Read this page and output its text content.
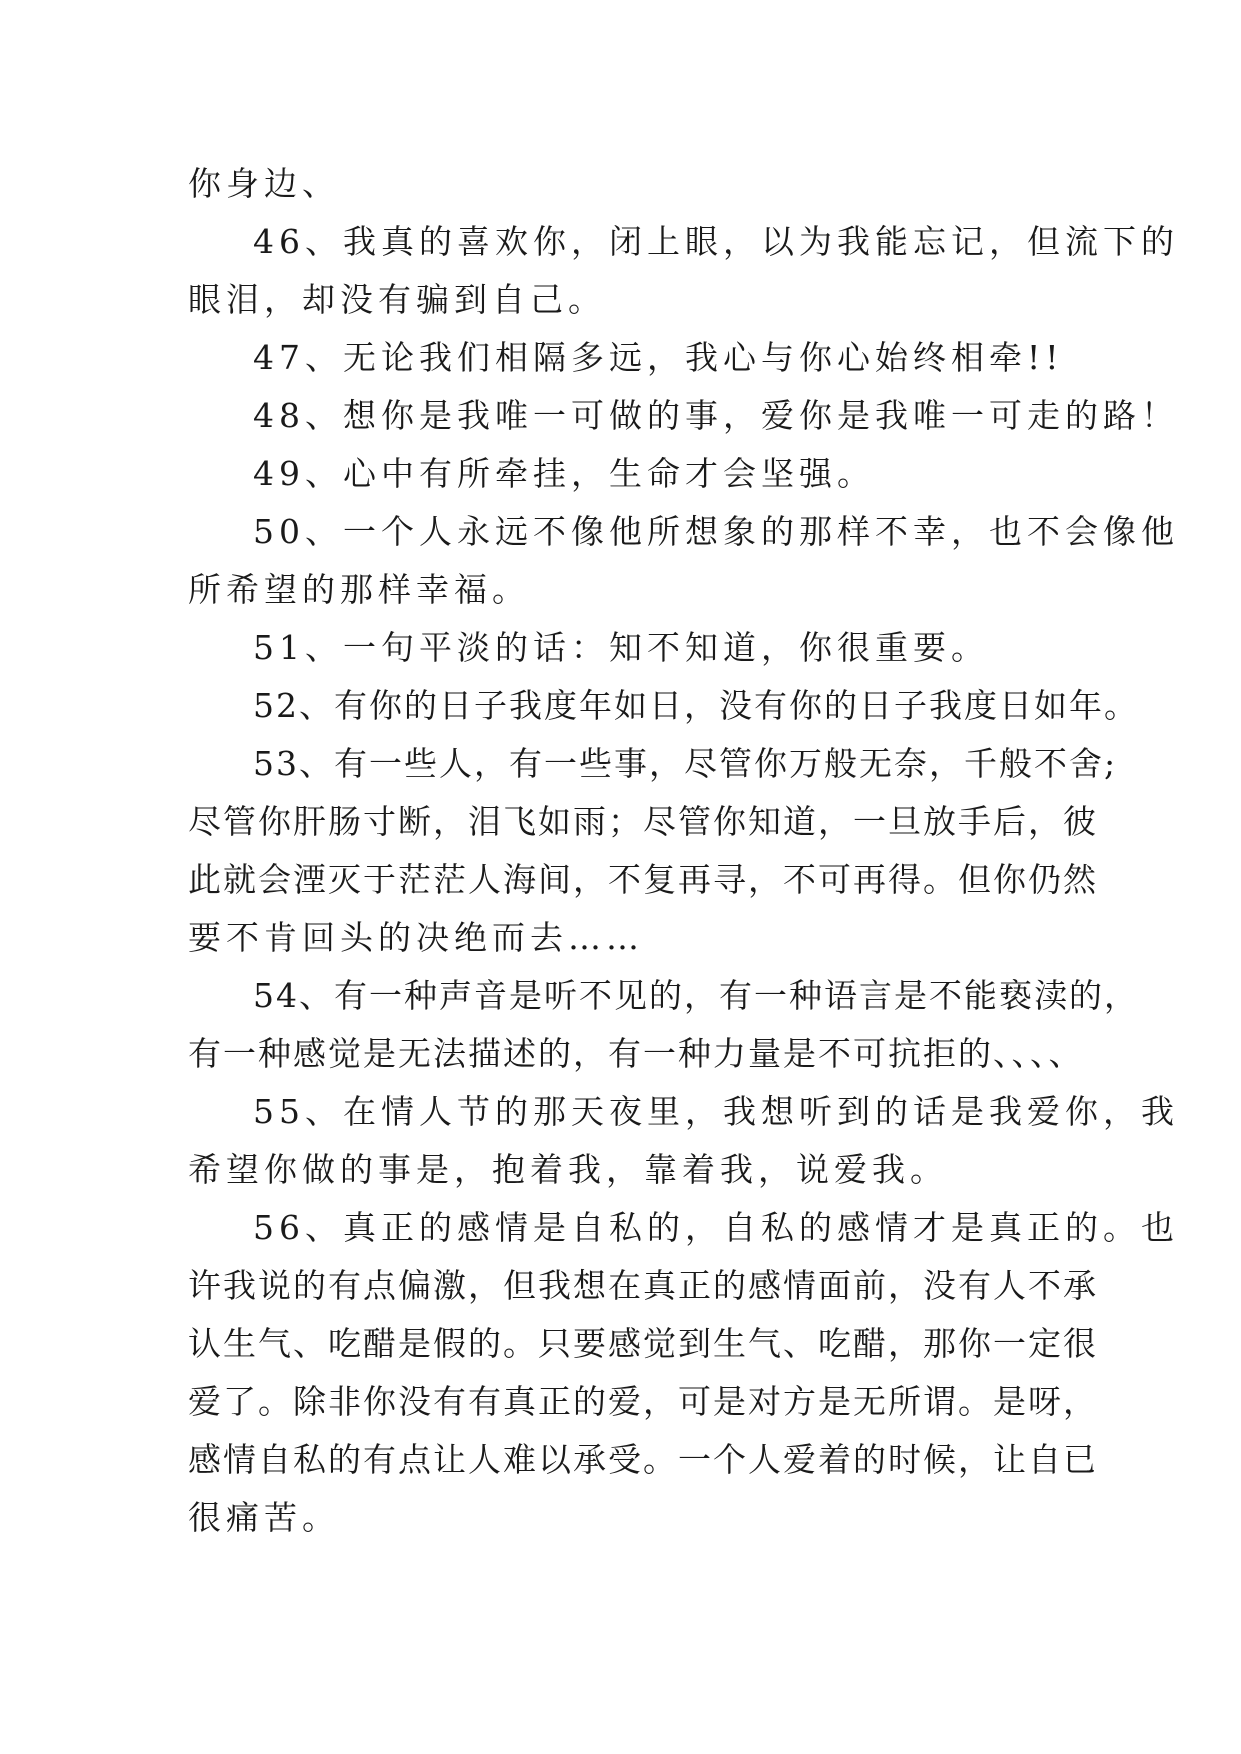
你身边、
46、我真的喜欢你，闭上眼，以为我能忘记，但流下的
眼泪，却没有骗到自己。
47、无论我们相隔多远，我心与你心始终相牵!!
48、想你是我唯一可做的事，爱你是我唯一可走的路！
49、心中有所牵挂，生命才会坚强。
50、一个人永远不像他所想象的那样不幸，也不会像他
所希望的那样幸福。
51、一句平淡的话：知不知道，你很重要。
52、有你的日子我度年如日，没有你的日子我度日如年。
53、有一些人，有一些事，尽管你万般无奈，千般不舍;
尽管你肝肠寸断，泪飞如雨；尽管你知道，一旦放手后，彼
此就会湮灭于茫茫人海间，不复再寻，不可再得。但你仍然
要不肯回头的决绝而去……
54、有一种声音是听不见的，有一种语言是不能亵渎的，
有一种感觉是无法描述的，有一种力量是不可抗拒的、、、、
55、在情人节的那天夜里，我想听到的话是我爱你，我
希望你做的事是，抱着我，靠着我，说爱我。
56、真正的感情是自私的，自私的感情才是真正的。也
许我说的有点偏激，但我想在真正的感情面前，没有人不承
认生气、吃醋是假的。只要感觉到生气、吃醋，那你一定很
爱了。除非你没有有真正的爱，可是对方是无所谓。是呀，
感情自私的有点让人难以承受。一个人爱着的时候，让自已
很痛苦。
